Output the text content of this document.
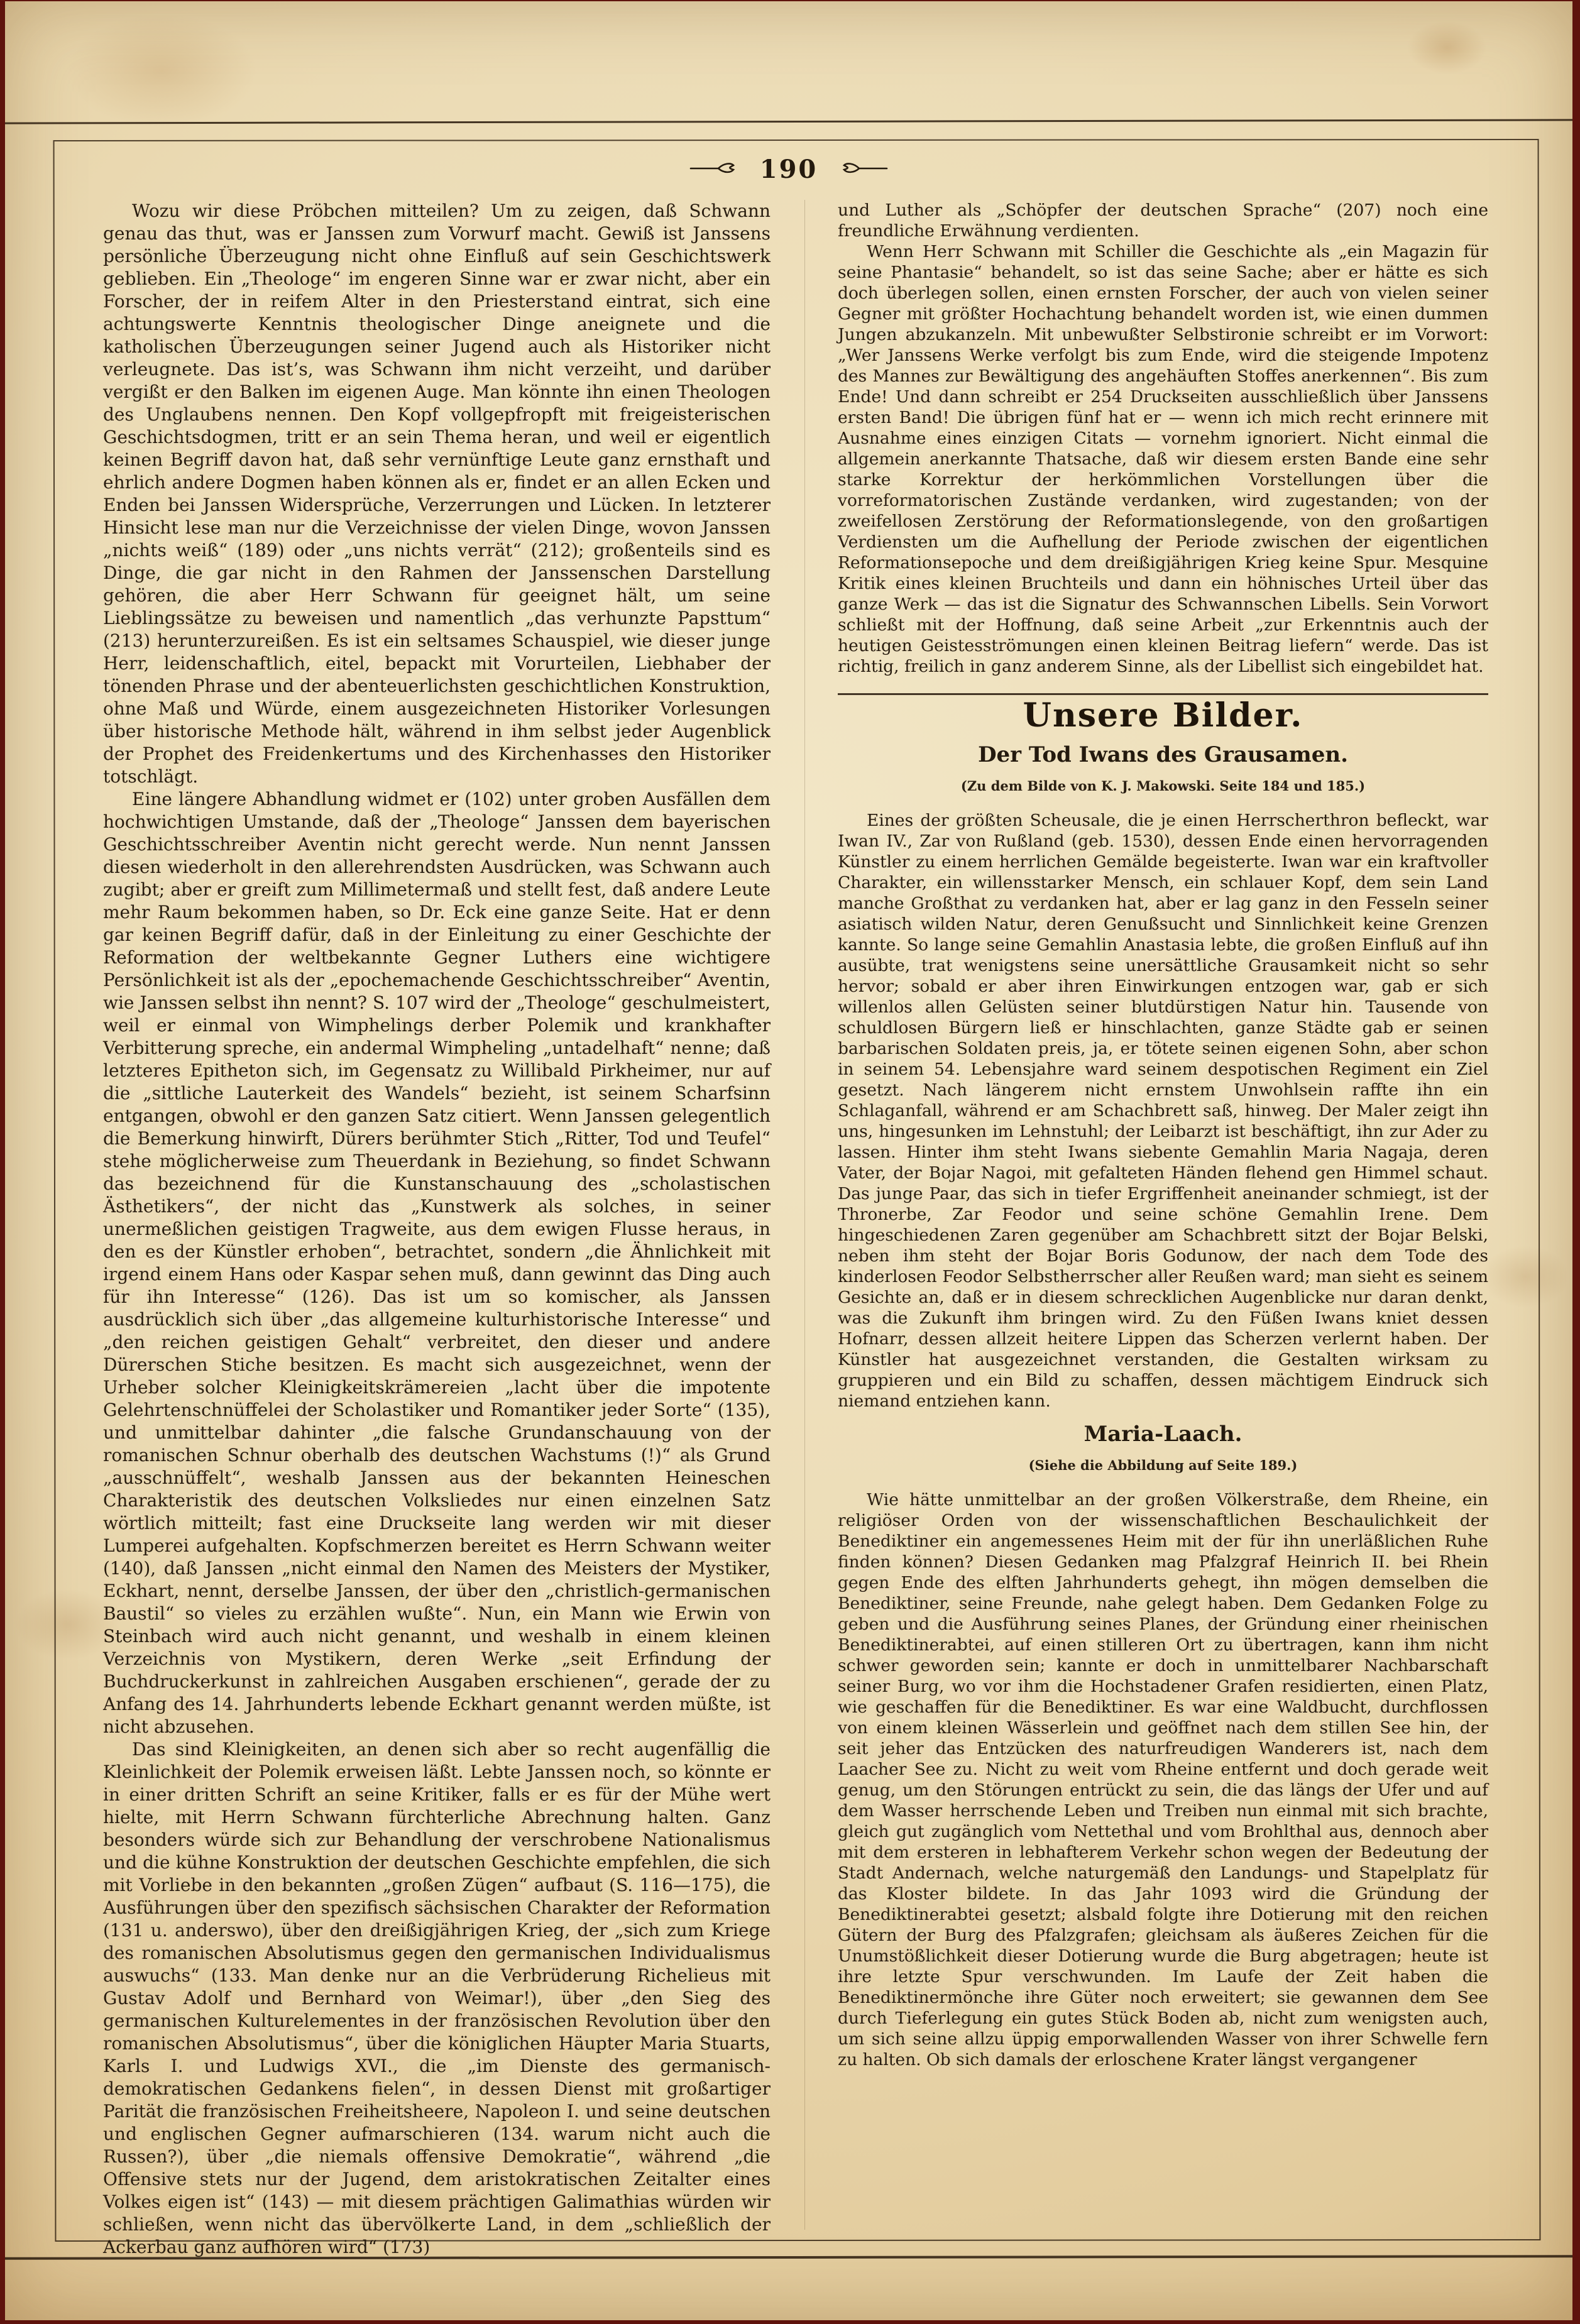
190

Wozu wir diese Pröbchen mitteilen? Um zu zeigen, daß Schwann genau das thut, was er Janssen zum Vorwurf macht. Gewiß ist Janssens persönliche Überzeugung nicht ohne Einfluß auf sein Geschichtswerk geblieben. Ein „Theologe“ im engeren Sinne war er zwar nicht, aber ein Forscher, der in reifem Alter in den Priesterstand eintrat, sich eine achtungswerte Kenntnis theologischer Dinge aneignete und die katholischen Überzeugungen seiner Jugend auch als Historiker nicht verleugnete. Das ist’s, was Schwann ihm nicht verzeiht, und darüber vergißt er den Balken im eigenen Auge. Man könnte ihn einen Theologen des Unglaubens nennen. Den Kopf vollgepfropft mit freigeisterischen Geschichtsdogmen, tritt er an sein Thema heran, und weil er eigentlich keinen Begriff davon hat, daß sehr vernünftige Leute ganz ernsthaft und ehrlich andere Dogmen haben können als er, findet er an allen Ecken und Enden bei Janssen Widersprüche, Verzerrungen und Lücken. In letzterer Hinsicht lese man nur die Verzeichnisse der vielen Dinge, wovon Janssen „nichts weiß“ (189) oder „uns nichts verrät“ (212); großenteils sind es Dinge, die gar nicht in den Rahmen der Janssenschen Darstellung gehören, die aber Herr Schwann für geeignet hält, um seine Lieblingssätze zu beweisen und namentlich „das verhunzte Papsttum“ (213) herunterzureißen. Es ist ein seltsames Schauspiel, wie dieser junge Herr, leidenschaftlich, eitel, bepackt mit Vorurteilen, Liebhaber der tönenden Phrase und der abenteuerlichsten geschichtlichen Konstruktion, ohne Maß und Würde, einem ausgezeichneten Historiker Vorlesungen über historische Methode hält, während in ihm selbst jeder Augenblick der Prophet des Freidenkertums und des Kirchenhasses den Historiker totschlägt.

Eine längere Abhandlung widmet er (102) unter groben Ausfällen dem hochwichtigen Umstande, daß der „Theologe“ Janssen dem bayerischen Geschichtsschreiber Aventin nicht gerecht werde. Nun nennt Janssen diesen wiederholt in den allerehrendsten Ausdrücken, was Schwann auch zugibt; aber er greift zum Millimetermaß und stellt fest, daß andere Leute mehr Raum bekommen haben, so Dr. Eck eine ganze Seite. Hat er denn gar keinen Begriff dafür, daß in der Einleitung zu einer Geschichte der Reformation der weltbekannte Gegner Luthers eine wichtigere Persönlichkeit ist als der „epochemachende Geschichtsschreiber“ Aventin, wie Janssen selbst ihn nennt? S. 107 wird der „Theologe“ geschulmeistert, weil er einmal von Wimphelings derber Polemik und krankhafter Verbitterung spreche, ein andermal Wimpheling „untadelhaft“ nenne; daß letzteres Epitheton sich, im Gegensatz zu Willibald Pirkheimer, nur auf die „sittliche Lauterkeit des Wandels“ bezieht, ist seinem Scharfsinn entgangen, obwohl er den ganzen Satz citiert. Wenn Janssen gelegentlich die Bemerkung hinwirft, Dürers berühmter Stich „Ritter, Tod und Teufel“ stehe möglicherweise zum Theuerdank in Beziehung, so findet Schwann das bezeichnend für die Kunstanschauung des „scholastischen Ästhetikers“, der nicht das „Kunstwerk als solches, in seiner unermeßlichen geistigen Tragweite, aus dem ewigen Flusse heraus, in den es der Künstler erhoben“, betrachtet, sondern „die Ähnlichkeit mit irgend einem Hans oder Kaspar sehen muß, dann gewinnt das Ding auch für ihn Interesse“ (126). Das ist um so komischer, als Janssen ausdrücklich sich über „das allgemeine kulturhistorische Interesse“ und „den reichen geistigen Gehalt“ verbreitet, den dieser und andere Dürerschen Stiche besitzen. Es macht sich ausgezeichnet, wenn der Urheber solcher Kleinigkeitskrämereien „lacht über die impotente Gelehrtenschnüffelei der Scholastiker und Romantiker jeder Sorte“ (135), und unmittelbar dahinter „die falsche Grundanschauung von der romanischen Schnur oberhalb des deutschen Wachstums (!)“ als Grund „ausschnüffelt“, weshalb Janssen aus der bekannten Heineschen Charakteristik des deutschen Volksliedes nur einen einzelnen Satz wörtlich mitteilt; fast eine Druckseite lang werden wir mit dieser Lumperei aufgehalten. Kopfschmerzen bereitet es Herrn Schwann weiter (140), daß Janssen „nicht einmal den Namen des Meisters der Mystiker, Eckhart, nennt, derselbe Janssen, der über den „christlich-germanischen Baustil“ so vieles zu erzählen wußte“. Nun, ein Mann wie Erwin von Steinbach wird auch nicht genannt, und weshalb in einem kleinen Verzeichnis von Mystikern, deren Werke „seit Erfindung der Buchdruckerkunst in zahlreichen Ausgaben erschienen“, gerade der zu Anfang des 14. Jahrhunderts lebende Eckhart genannt werden müßte, ist nicht abzusehen.

Das sind Kleinigkeiten, an denen sich aber so recht augenfällig die Kleinlichkeit der Polemik erweisen läßt. Lebte Janssen noch, so könnte er in einer dritten Schrift an seine Kritiker, falls er es für der Mühe wert hielte, mit Herrn Schwann fürchterliche Abrechnung halten. Ganz besonders würde sich zur Behandlung der verschrobene Nationalismus und die kühne Konstruktion der deutschen Geschichte empfehlen, die sich mit Vorliebe in den bekannten „großen Zügen“ aufbaut (S. 116—175), die Ausführungen über den spezifisch sächsischen Charakter der Reformation (131 u. anderswo), über den dreißigjährigen Krieg, der „sich zum Kriege des romanischen Absolutismus gegen den germanischen Individualismus auswuchs“ (133. Man denke nur an die Verbrüderung Richelieus mit Gustav Adolf und Bernhard von Weimar!), über „den Sieg des germanischen Kulturelementes in der französischen Revolution über den romanischen Absolutismus“, über die königlichen Häupter Maria Stuarts, Karls I. und Ludwigs XVI., die „im Dienste des germanisch-demokratischen Gedankens fielen“, in dessen Dienst mit großartiger Parität die französischen Freiheitsheere, Napoleon I. und seine deutschen und englischen Gegner aufmarschieren (134. warum nicht auch die Russen?), über „die niemals offensive Demokratie“, während „die Offensive stets nur der Jugend, dem aristokratischen Zeitalter eines Volkes eigen ist“ (143) — mit diesem prächtigen Galimathias würden wir schließen, wenn nicht das übervölkerte Land, in dem „schließlich der Ackerbau ganz aufhören wird“ (173)

und Luther als „Schöpfer der deutschen Sprache“ (207) noch eine freundliche Erwähnung verdienten.

Wenn Herr Schwann mit Schiller die Geschichte als „ein Magazin für seine Phantasie“ behandelt, so ist das seine Sache; aber er hätte es sich doch überlegen sollen, einen ernsten Forscher, der auch von vielen seiner Gegner mit größter Hochachtung behandelt worden ist, wie einen dummen Jungen abzukanzeln. Mit unbewußter Selbstironie schreibt er im Vorwort: „Wer Janssens Werke verfolgt bis zum Ende, wird die steigende Impotenz des Mannes zur Bewältigung des angehäuften Stoffes anerkennen“. Bis zum Ende! Und dann schreibt er 254 Druckseiten ausschließlich über Janssens ersten Band! Die übrigen fünf hat er — wenn ich mich recht erinnere mit Ausnahme eines einzigen Citats — vornehm ignoriert. Nicht einmal die allgemein anerkannte Thatsache, daß wir diesem ersten Bande eine sehr starke Korrektur der herkömmlichen Vorstellungen über die vorreformatorischen Zustände verdanken, wird zugestanden; von der zweifellosen Zerstörung der Reformationslegende, von den großartigen Verdiensten um die Aufhellung der Periode zwischen der eigentlichen Reformationsepoche und dem dreißigjährigen Krieg keine Spur. Mesquine Kritik eines kleinen Bruchteils und dann ein höhnisches Urteil über das ganze Werk — das ist die Signatur des Schwannschen Libells. Sein Vorwort schließt mit der Hoffnung, daß seine Arbeit „zur Erkenntnis auch der heutigen Geistesströmungen einen kleinen Beitrag liefern“ werde. Das ist richtig, freilich in ganz anderem Sinne, als der Libellist sich eingebildet hat.

Unsere Bilder.
Der Tod Iwans des Grausamen.
(Zu dem Bilde von K. J. Makowski. Seite 184 und 185.)

Eines der größten Scheusale, die je einen Herrscherthron befleckt, war Iwan IV., Zar von Rußland (geb. 1530), dessen Ende einen hervorragenden Künstler zu einem herrlichen Gemälde begeisterte. Iwan war ein kraftvoller Charakter, ein willensstarker Mensch, ein schlauer Kopf, dem sein Land manche Großthat zu verdanken hat, aber er lag ganz in den Fesseln seiner asiatisch wilden Natur, deren Genußsucht und Sinnlichkeit keine Grenzen kannte. So lange seine Gemahlin Anastasia lebte, die großen Einfluß auf ihn ausübte, trat wenigstens seine unersättliche Grausamkeit nicht so sehr hervor; sobald er aber ihren Einwirkungen entzogen war, gab er sich willenlos allen Gelüsten seiner blutdürstigen Natur hin. Tausende von schuldlosen Bürgern ließ er hinschlachten, ganze Städte gab er seinen barbarischen Soldaten preis, ja, er tötete seinen eigenen Sohn, aber schon in seinem 54. Lebensjahre ward seinem despotischen Regiment ein Ziel gesetzt. Nach längerem nicht ernstem Unwohlsein raffte ihn ein Schlaganfall, während er am Schachbrett saß, hinweg. Der Maler zeigt ihn uns, hingesunken im Lehnstuhl; der Leibarzt ist beschäftigt, ihn zur Ader zu lassen. Hinter ihm steht Iwans siebente Gemahlin Maria Nagaja, deren Vater, der Bojar Nagoi, mit gefalteten Händen flehend gen Himmel schaut. Das junge Paar, das sich in tiefer Ergriffenheit aneinander schmiegt, ist der Thronerbe, Zar Feodor und seine schöne Gemahlin Irene. Dem hingeschiedenen Zaren gegenüber am Schachbrett sitzt der Bojar Belski, neben ihm steht der Bojar Boris Godunow, der nach dem Tode des kinderlosen Feodor Selbstherrscher aller Reußen ward; man sieht es seinem Gesichte an, daß er in diesem schrecklichen Augenblicke nur daran denkt, was die Zukunft ihm bringen wird. Zu den Füßen Iwans kniet dessen Hofnarr, dessen allzeit heitere Lippen das Scherzen verlernt haben. Der Künstler hat ausgezeichnet verstanden, die Gestalten wirksam zu gruppieren und ein Bild zu schaffen, dessen mächtigem Eindruck sich niemand entziehen kann.

Maria-Laach.
(Siehe die Abbildung auf Seite 189.)

Wie hätte unmittelbar an der großen Völkerstraße, dem Rheine, ein religiöser Orden von der wissenschaftlichen Beschaulichkeit der Benediktiner ein angemessenes Heim mit der für ihn unerläßlichen Ruhe finden können? Diesen Gedanken mag Pfalzgraf Heinrich II. bei Rhein gegen Ende des elften Jahrhunderts gehegt, ihn mögen demselben die Benediktiner, seine Freunde, nahe gelegt haben. Dem Gedanken Folge zu geben und die Ausführung seines Planes, der Gründung einer rheinischen Benediktinerabtei, auf einen stilleren Ort zu übertragen, kann ihm nicht schwer geworden sein; kannte er doch in unmittelbarer Nachbarschaft seiner Burg, wo vor ihm die Hochstadener Grafen residierten, einen Platz, wie geschaffen für die Benediktiner. Es war eine Waldbucht, durchflossen von einem kleinen Wässerlein und geöffnet nach dem stillen See hin, der seit jeher das Entzücken des naturfreudigen Wanderers ist, nach dem Laacher See zu. Nicht zu weit vom Rheine entfernt und doch gerade weit genug, um den Störungen entrückt zu sein, die das längs der Ufer und auf dem Wasser herrschende Leben und Treiben nun einmal mit sich brachte, gleich gut zugänglich vom Nettethal und vom Brohlthal aus, dennoch aber mit dem ersteren in lebhafterem Verkehr schon wegen der Bedeutung der Stadt Andernach, welche naturgemäß den Landungs- und Stapelplatz für das Kloster bildete. In das Jahr 1093 wird die Gründung der Benediktinerabtei gesetzt; alsbald folgte ihre Dotierung mit den reichen Gütern der Burg des Pfalzgrafen; gleichsam als äußeres Zeichen für die Unumstößlichkeit dieser Dotierung wurde die Burg abgetragen; heute ist ihre letzte Spur verschwunden. Im Laufe der Zeit haben die Benediktinermönche ihre Güter noch erweitert; sie gewannen dem See durch Tieferlegung ein gutes Stück Boden ab, nicht zum wenigsten auch, um sich seine allzu üppig emporwallenden Wasser von ihrer Schwelle fern zu halten. Ob sich damals der erloschene Krater längst vergangener
